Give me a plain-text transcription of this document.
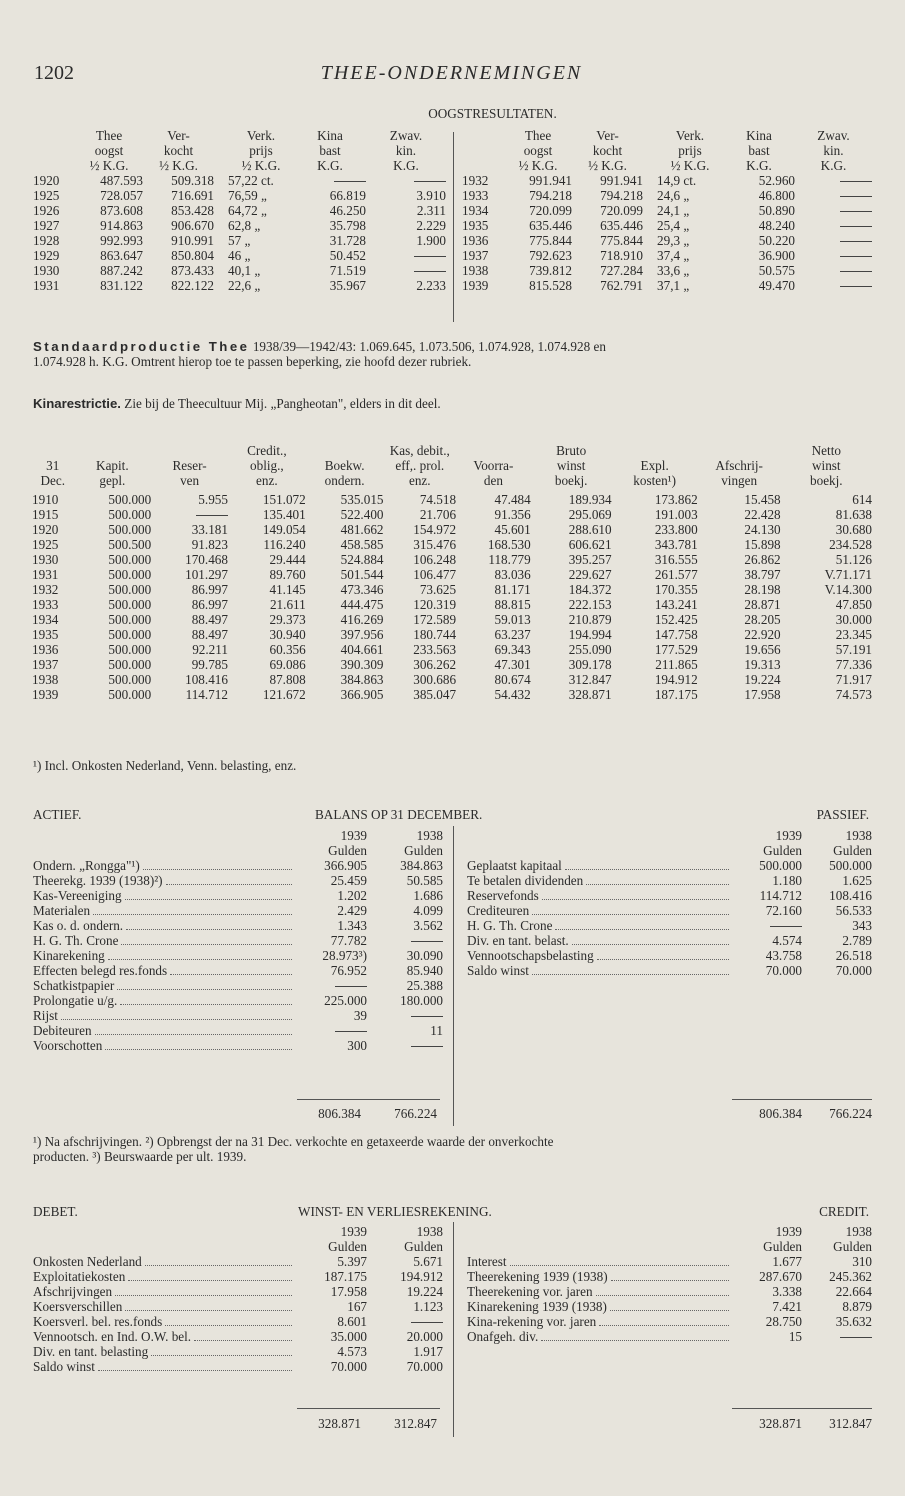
1202	THEE-ONDERNEMINGEN
OOGSTRESULTATEN.
	Thee	Ver-	Verk.	Kina	Zwav.
	oogst	kocht	prijs	bast	kin.
	½ K.G.	½ K.G.	½ K.G.	K.G.	K.G.
1920	487.593	509.318	57,22 ct.		
1925	728.057	716.691	76,59 „	66.819	3.910
1926	873.608	853.428	64,72 „	46.250	2.311
1927	914.863	906.670	62,8 „	35.798	2.229
1928	992.993	910.991	57 „	31.728	1.900
1929	863.647	850.804	46 „	50.452	
1930	887.242	873.433	40,1 „	71.519	
1931	831.122	822.122	22,6 „	35.967	2.233
	Thee	Ver-	Verk.	Kina	Zwav.
	oogst	kocht	prijs	bast	kin.
	½ K.G.	½ K.G.	½ K.G.	K.G.	K.G.
1932	991.941	991.941	14,9 ct.	52.960	
1933	794.218	794.218	24,6 „	46.800	
1934	720.099	720.099	24,1 „	50.890	
1935	635.446	635.446	25,4 „	48.240	
1936	775.844	775.844	29,3 „	50.220	
1937	792.623	718.910	37,4 „	36.900	
1938	739.812	727.284	33,6 „	50.575	
1939	815.528	762.791	37,1 „	49.470	
Standaardproductie Thee 1938/39—1942/43: 1.069.645, 1.073.506, 1.074.928, 1.074.928 en
1.074.928 h. K.G. Omtrent hierop toe te passen beperking, zie hoofd dezer rubriek.
Kinarestrictie. Zie bij de Theecultuur Mij. „Pangheotan", elders in dit deel.
			Credit.,		Kas, debit.,		Bruto			Netto
31	Kapit.	Reser-	oblig.,	Boekw.	eff,. prol.	Voorra-	winst	Expl.	Afschrij-	winst
Dec.	gepl.	ven	enz.	ondern.	enz.	den	boekj.	kosten¹)	vingen	boekj.

1910	500.000	5.955	151.072	535.015	74.518	47.484	189.934	173.862	15.458	614
1915	500.000		135.401	522.400	21.706	91.356	295.069	191.003	22.428	81.638
1920	500.000	33.181	149.054	481.662	154.972	45.601	288.610	233.800	24.130	30.680
1925	500.500	91.823	116.240	458.585	315.476	168.530	606.621	343.781	15.898	234.528
1930	500.000	170.468	29.444	524.884	106.248	118.779	395.257	316.555	26.862	51.126
1931	500.000	101.297	89.760	501.544	106.477	83.036	229.627	261.577	38.797	V.71.171
1932	500.000	86.997	41.145	473.346	73.625	81.171	184.372	170.355	28.198	V.14.300
1933	500.000	86.997	21.611	444.475	120.319	88.815	222.153	143.241	28.871	47.850
1934	500.000	88.497	29.373	416.269	172.589	59.013	210.879	152.425	28.205	30.000
1935	500.000	88.497	30.940	397.956	180.744	63.237	194.994	147.758	22.920	23.345
1936	500.000	92.211	60.356	404.661	233.563	69.343	255.090	177.529	19.656	57.191
1937	500.000	99.785	69.086	390.309	306.262	47.301	309.178	211.865	19.313	77.336
1938	500.000	108.416	87.808	384.863	300.686	80.674	312.847	194.912	19.224	71.917
1939	500.000	114.712	121.672	366.905	385.047	54.432	328.871	187.175	17.958	74.573
¹) Incl. Onkosten Nederland, Venn. belasting, enz.
ACTIEF.	BALANS OP 31 DECEMBER.	PASSIEF.
	1939	1938
	Gulden	Gulden

Ondern. „Rongga"¹)	366.905	384.863

Theerekg. 1939 (1938)²)	25.459	50.585

Kas-Vereeniging	1.202	1.686

Materialen	2.429	4.099

Kas o. d. ondern.	1.343	3.562

H. G. Th. Crone	77.782	

Kinarekening	28.973³)	30.090

Effecten belegd res.fonds	76.952	85.940

Schatkistpapier		25.388

Prolongatie u/g.	225.000	180.000

Rijst	39	

Debiteuren		11

Voorschotten	300	
	1939	1938
	Gulden	Gulden

Geplaatst kapitaal	500.000	500.000

Te betalen dividenden	1.180	1.625

Reservefonds	114.712	108.416

Crediteuren	72.160	56.533

H. G. Th. Crone		343

Div. en tant. belast.	4.574	2.789

Vennootschapsbelasting	43.758	26.518

Saldo winst	70.000	70.000
806.384	766.224	806.384	766.224
¹) Na afschrijvingen. ²) Opbrengst der na 31 Dec. verkochte en getaxeerde waarde der onverkochte
producten. ³) Beurswaarde per ult. 1939.
DEBET.	WINST- EN VERLIESREKENING.	CREDIT.
	1939	1938
	Gulden	Gulden

Onkosten Nederland	5.397	5.671

Exploitatiekosten	187.175	194.912

Afschrijvingen	17.958	19.224

Koersverschillen	167	1.123

Koersverl. bel. res.fonds	8.601	

Vennootsch. en Ind. O.W. bel.	35.000	20.000

Div. en tant. belasting	4.573	1.917

Saldo winst	70.000	70.000
	1939	1938
	Gulden	Gulden

Interest	1.677	310

Theerekening 1939 (1938)	287.670	245.362

Theerekening vor. jaren	3.338	22.664

Kinarekening 1939 (1938)	7.421	8.879

Kina-rekening vor. jaren	28.750	35.632

Onafgeh. div.	15	
328.871	312.847	328.871	312.847
